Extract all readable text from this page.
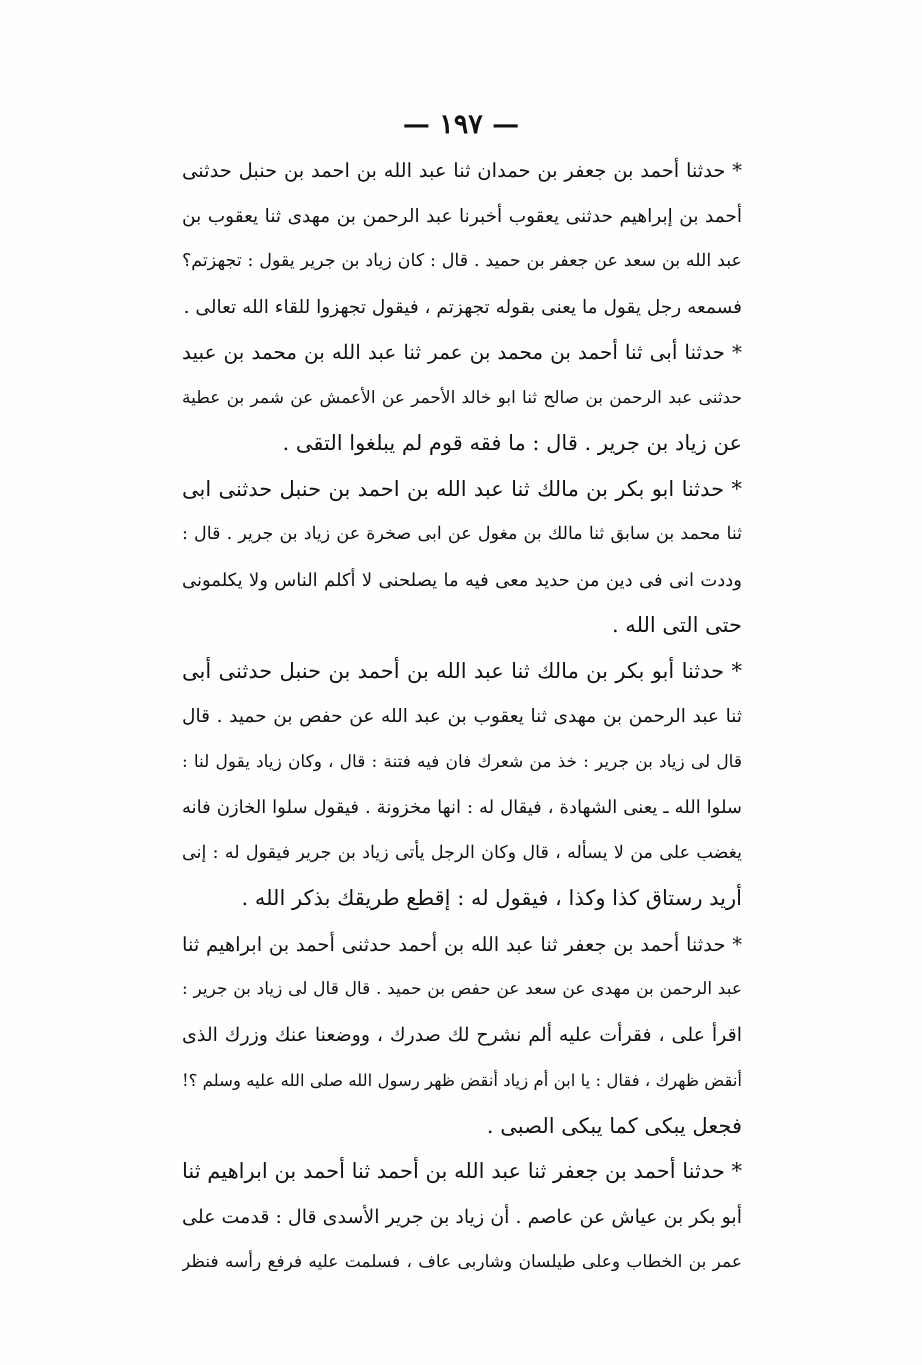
— ١٩٧ —
* حدثنا أحمد بن جعفر بن حمدان ثنا عبد الله بن احمد بن حنبل حدثنى
أحمد بن إبراهيم حدثنى يعقوب أخبرنا عبد الرحمن بن مهدى ثنا يعقوب بن
عبد الله بن سعد عن جعفر بن حميد . قال : كان زياد بن جرير يقول : تجهزتم؟
فسمعه رجل يقول ما يعنى بقوله تجهزتم ، فيقول تجهزوا للقاء الله تعالى .
* حدثنا أبى ثنا أحمد بن محمد بن عمر ثنا عبد الله بن محمد بن عبيد
حدثنى عبد الرحمن بن صالح ثنا ابو خالد الأحمر عن الأعمش عن شمر بن عطية
عن زياد بن جرير . قال : ما فقه قوم لم يبلغوا التقى .
* حدثنا ابو بكر بن مالك ثنا عبد الله بن احمد بن حنبل حدثنى ابى
ثنا محمد بن سابق ثنا مالك بن مغول عن ابى صخرة عن زياد بن جرير . قال :
وددت انى فى دين من حديد معى فيه ما يصلحنى لا أكلم الناس ولا يكلمونى
حتى التى الله .
* حدثنا أبو بكر بن مالك ثنا عبد الله بن أحمد بن حنبل حدثنى أبى
ثنا عبد الرحمن بن مهدى ثنا يعقوب بن عبد الله عن حفص بن حميد . قال
قال لى زياد بن جرير : خذ من شعرك فان فيه فتنة : قال ، وكان زياد يقول لنا :
سلوا الله ـ يعنى الشهادة ، فيقال له : انها مخزونة . فيقول سلوا الخازن فانه
يغضب على من لا يسأله ، قال وكان الرجل يأتى زياد بن جرير فيقول له : إنى
أريد رستاق كذا وكذا ، فيقول له : إقطع طريقك بذكر الله .
* حدثنا أحمد بن جعفر ثنا عبد الله بن أحمد حدثنى أحمد بن ابراهيم ثنا
عبد الرحمن بن مهدى عن سعد عن حفص بن حميد . قال قال لى زياد بن جرير :
اقرأ على ، فقرأت عليه ألم نشرح لك صدرك ، ووضعنا عنك وزرك الذى
أنقض ظهرك ، فقال : يا ابن أم زياد أنقض ظهر رسول الله صلى الله عليه وسلم ؟!
فجعل يبكى كما يبكى الصبى .
* حدثنا أحمد بن جعفر ثنا عبد الله بن أحمد ثنا أحمد بن ابراهيم ثنا
أبو بكر بن عياش عن عاصم . أن زياد بن جرير الأسدى قال : قدمت على
عمر بن الخطاب وعلى طيلسان وشاربى عاف ، فسلمت عليه فرفع رأسه فنظر
